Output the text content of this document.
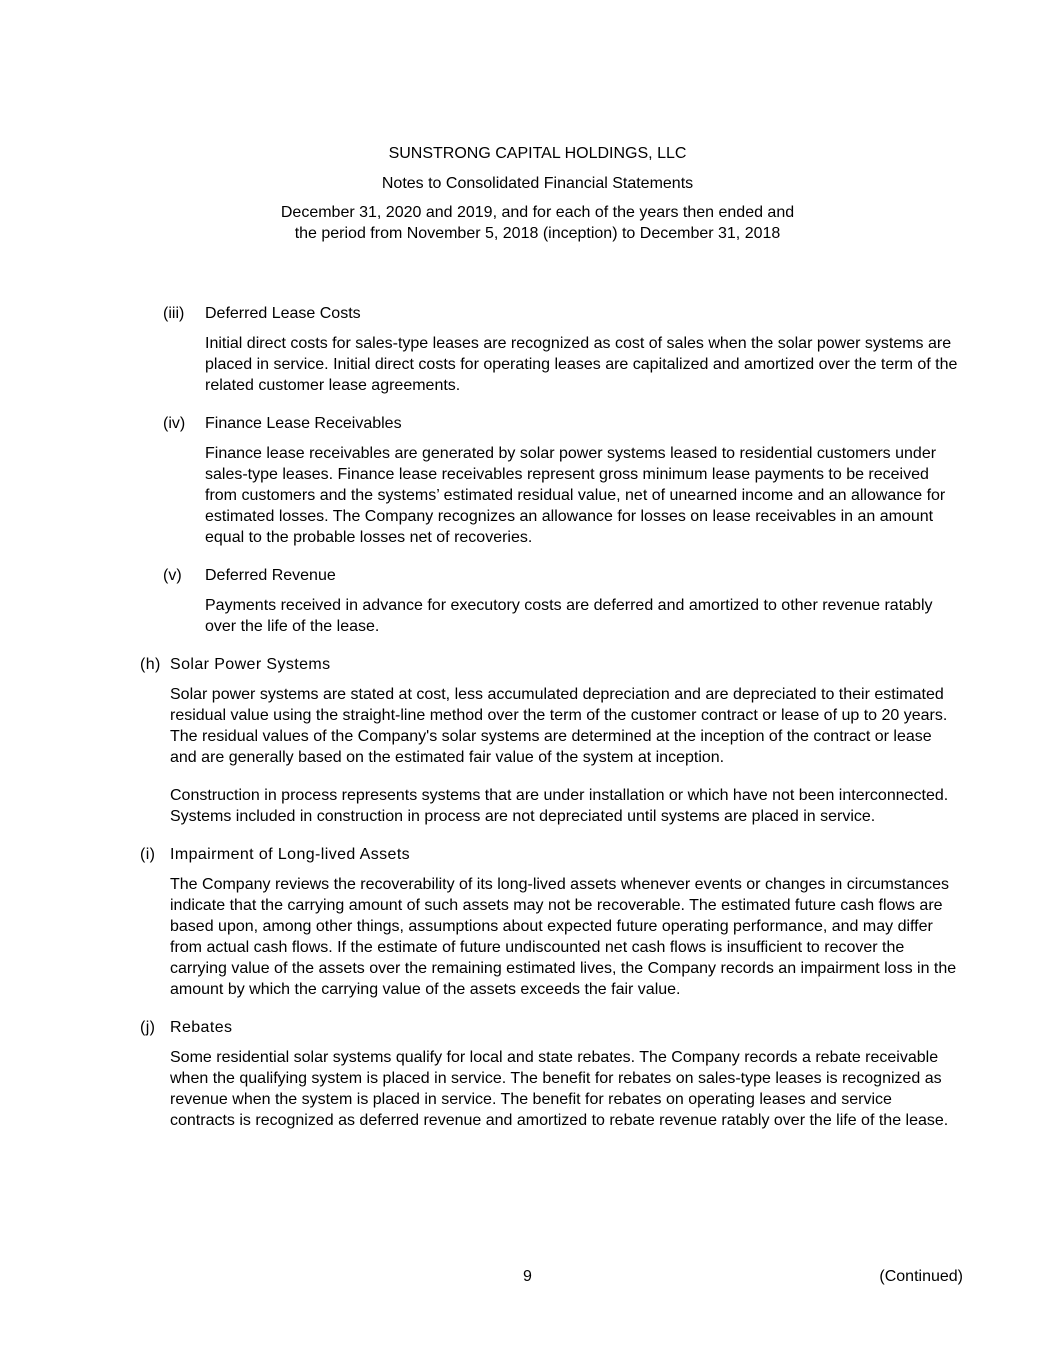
SUNSTRONG CAPITAL HOLDINGS, LLC
Notes to Consolidated Financial Statements
December 31, 2020 and 2019, and for each of the years then ended and
the period from November 5, 2018 (inception) to December 31, 2018
(iii)	Deferred Lease Costs

Initial direct costs for sales-type leases are recognized as cost of sales when the solar power systems are placed in service. Initial direct costs for operating leases are capitalized and amortized over the term of the related customer lease agreements.

(iv)	Finance Lease Receivables

Finance lease receivables are generated by solar power systems leased to residential customers under sales-type leases. Finance lease receivables represent gross minimum lease payments to be received from customers and the systems’ estimated residual value, net of unearned income and an allowance for estimated losses. The Company recognizes an allowance for losses on lease receivables in an amount equal to the probable losses net of recoveries.

(v)	Deferred Revenue

Payments received in advance for executory costs are deferred and amortized to other revenue ratably over the life of the lease.

(h) Solar Power Systems

Solar power systems are stated at cost, less accumulated depreciation and are depreciated to their estimated residual value using the straight-line method over the term of the customer contract or lease of up to 20 years. The residual values of the Company's solar systems are determined at the inception of the contract or lease and are generally based on the estimated fair value of the system at inception.

Construction in process represents systems that are under installation or which have not been interconnected. Systems included in construction in process are not depreciated until systems are placed in service.

(i) Impairment of Long-lived Assets

The Company reviews the recoverability of its long-lived assets whenever events or changes in circumstances indicate that the carrying amount of such assets may not be recoverable. The estimated future cash flows are based upon, among other things, assumptions about expected future operating performance, and may differ from actual cash flows. If the estimate of future undiscounted net cash flows is insufficient to recover the carrying value of the assets over the remaining estimated lives, the Company records an impairment loss in the amount by which the carrying value of the assets exceeds the fair value.

(j) Rebates

Some residential solar systems qualify for local and state rebates. The Company records a rebate receivable when the qualifying system is placed in service. The benefit for rebates on sales-type leases is recognized as revenue when the system is placed in service. The benefit for rebates on operating leases and service contracts is recognized as deferred revenue and amortized to rebate revenue ratably over the life of the lease.

9	(Continued)
